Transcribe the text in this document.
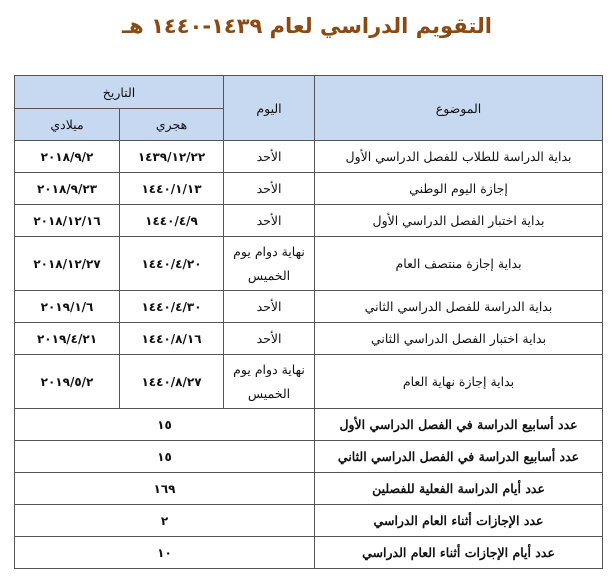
التقويم الدراسي لعام ١٤٣٩-١٤٤٠ هـ
الموضوع	اليوم	التاريخ	
		هجري	ميلادي
بداية الدراسة للطلاب للفصل الدراسي الأول	الأحد	١٤٣٩/١٢/٢٢	٢٠١٨/٩/٢
إجازة اليوم الوطني	الأحد	١٤٤٠/١/١٣	٢٠١٨/٩/٢٣
بداية اختبار الفصل الدراسي الأول	الأحد	١٤٤٠/٤/٩	٢٠١٨/١٢/١٦
بداية إجازة منتصف العام	نهاية دوام يوم الخميس	١٤٤٠/٤/٢٠	٢٠١٨/١٢/٢٧
بداية الدراسة للفصل الدراسي الثاني	الأحد	١٤٤٠/٤/٣٠	٢٠١٩/١/٦
بداية اختبار الفصل الدراسي الثاني	الأحد	١٤٤٠/٨/١٦	٢٠١٩/٤/٢١
بداية إجازة نهاية العام	نهاية دوام يوم الخميس	١٤٤٠/٨/٢٧	٢٠١٩/٥/٢
عدد أسابيع الدراسة في الفصل الدراسي الأول	١٥		
عدد أسابيع الدراسة في الفصل الدراسي الثاني	١٥		
عدد أيام الدراسة الفعلية للفصلين	١٦٩		
عدد الإجازات أثناء العام الدراسي	٢		
عدد أيام الإجازات أثناء العام الدراسي	١٠		
